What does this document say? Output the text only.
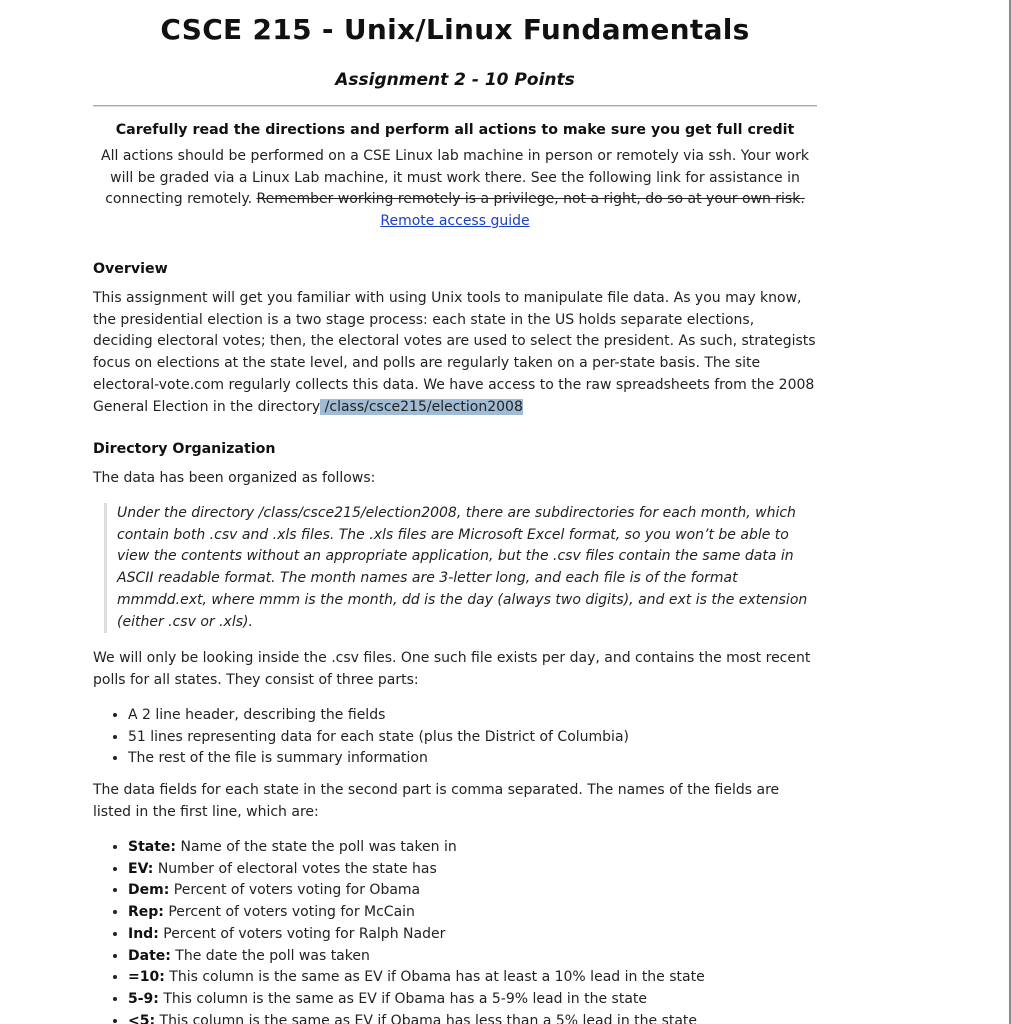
CSCE 215 - Unix/Linux Fundamentals
Assignment 2 - 10 Points
Carefully read the directions and perform all actions to make sure you get full credit

All actions should be performed on a CSE Linux lab machine in person or remotely via ssh. Your work will be graded via a Linux Lab machine, it must work there. See the following link for assistance in connecting remotely. Remember working remotely is a privilege, not a right, do so at your own risk.
Remote access guide

Overview

This assignment will get you familiar with using Unix tools to manipulate file data. As you may know, the presidential election is a two stage process: each state in the US holds separate elections, deciding electoral votes; then, the electoral votes are used to select the president. As such, strategists focus on elections at the state level, and polls are regularly taken on a per-state basis. The site electoral-vote.com regularly collects this data. We have access to the raw spreadsheets from the 2008 General Election in the directory /class/csce215/election2008

Directory Organization

The data has been organized as follows:

Under the directory /class/csce215/election2008, there are subdirectories for each month, which contain both .csv and .xls files. The .xls files are Microsoft Excel format, so you won’t be able to view the contents without an appropriate application, but the .csv files contain the same data in ASCII readable format. The month names are 3-letter long, and each file is of the format mmmdd.ext, where mmm is the month, dd is the day (always two digits), and ext is the extension (either .csv or .xls).

We will only be looking inside the .csv files. One such file exists per day, and contains the most recent polls for all states. They consist of three parts:

• A 2 line header, describing the fields
• 51 lines representing data for each state (plus the District of Columbia)
• The rest of the file is summary information

The data fields for each state in the second part is comma separated. The names of the fields are listed in the first line, which are:

• State: Name of the state the poll was taken in
• EV: Number of electoral votes the state has
• Dem: Percent of voters voting for Obama
• Rep: Percent of voters voting for McCain
• Ind: Percent of voters voting for Ralph Nader
• Date: The date the poll was taken
• =10: This column is the same as EV if Obama has at least a 10% lead in the state
• 5-9: This column is the same as EV if Obama has a 5-9% lead in the state
• <5: This column is the same as EV if Obama has less than a 5% lead in the state
